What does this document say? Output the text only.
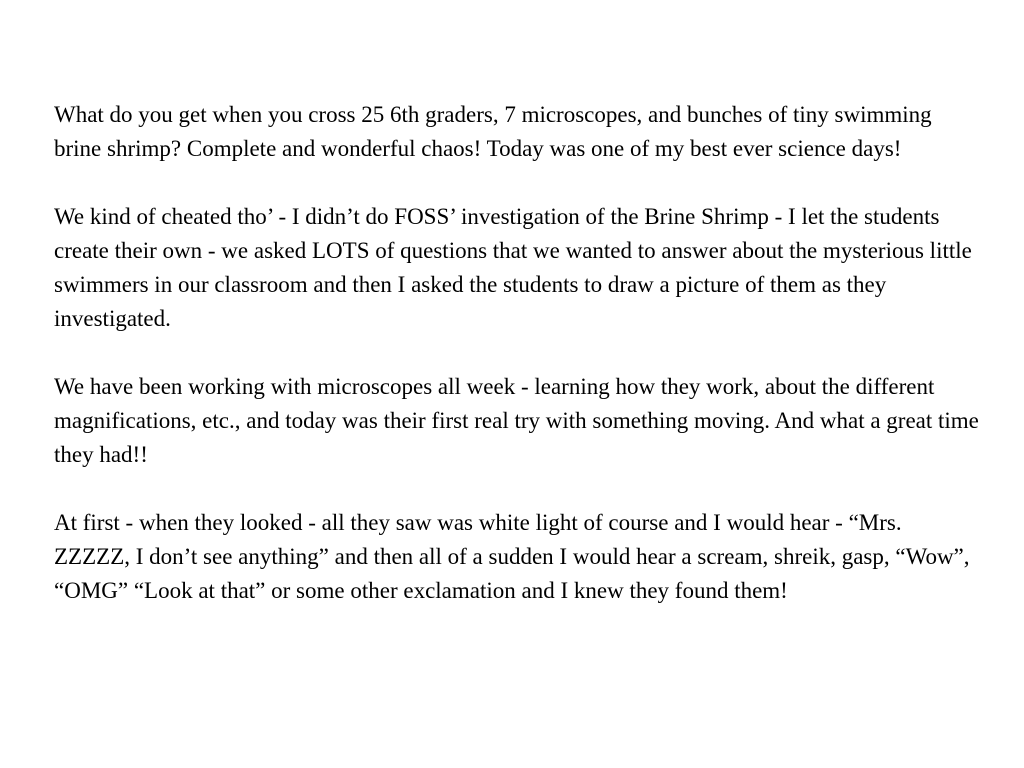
What do you get when you cross 25 6th graders, 7 microscopes, and bunches of tiny swimming brine shrimp? Complete and wonderful chaos! Today was one of my best ever science days!

We kind of cheated tho’ - I didn’t do FOSS’ investigation of the Brine Shrimp - I let the students create their own - we asked LOTS of questions that we wanted to answer about the mysterious little swimmers in our classroom and then I asked the students to draw a picture of them as they investigated.

We have been working with microscopes all week - learning how they work, about the different magnifications, etc., and today was their first real try with something moving. And what a great time they had!!

At first - when they looked - all they saw was white light of course and I would hear - “Mrs. ZZZZZ, I don’t see anything” and then all of a sudden I would hear a scream, shreik, gasp, “Wow”, “OMG” “Look at that” or some other exclamation and I knew they found them!
